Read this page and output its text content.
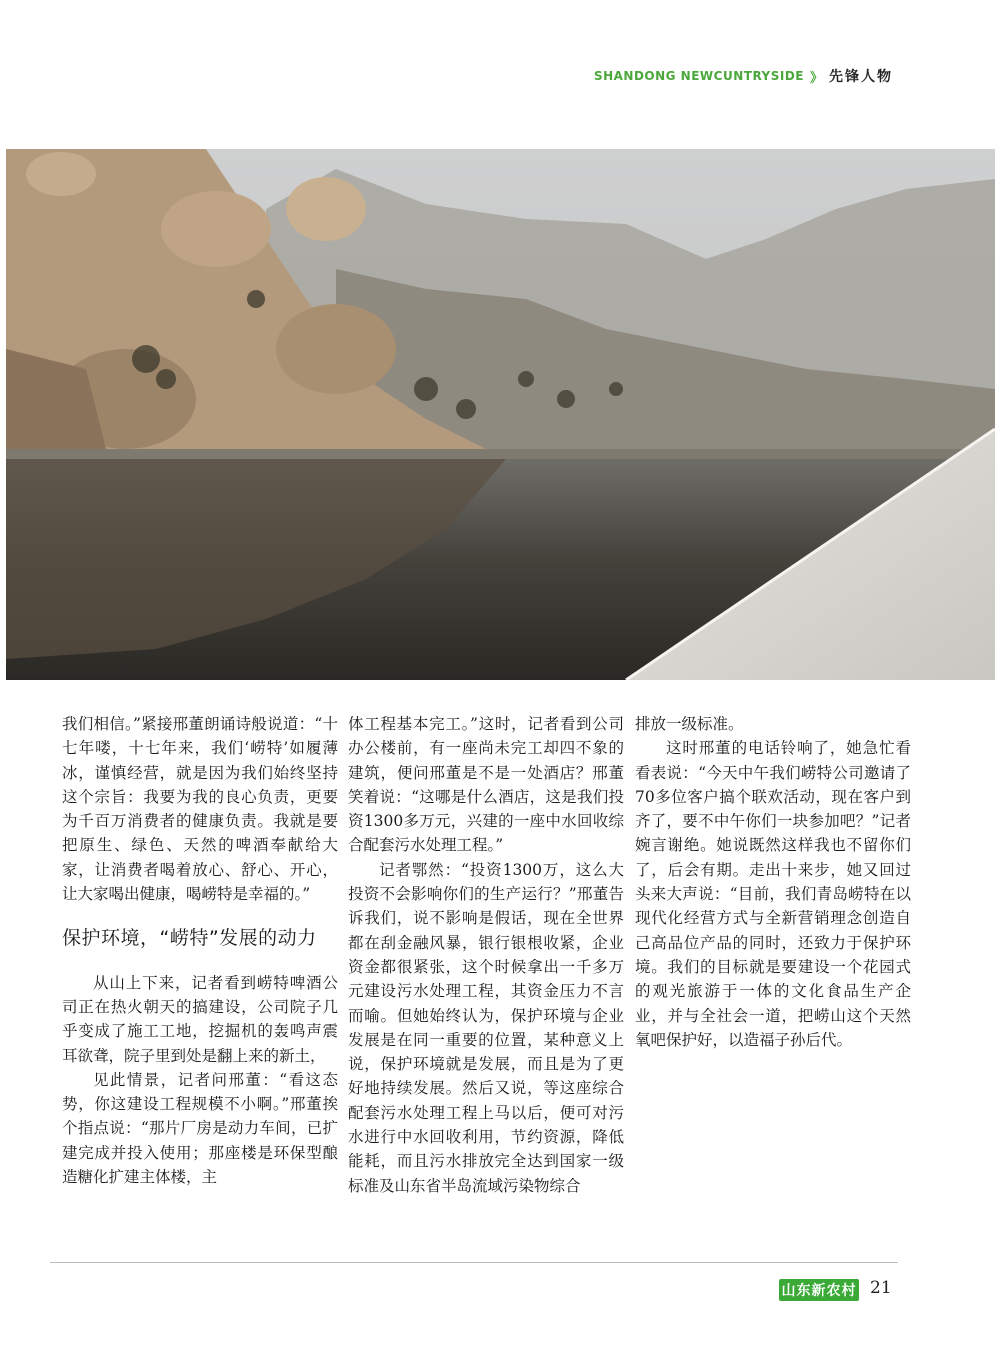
SHANDONG NEWCUNTRYSIDE 》 先锋人物

我们相信。”紧接邢董朗诵诗般说道：“十七年喽，十七年来，我们‘崂特’如履薄冰，谨慎经营，就是因为我们始终坚持这个宗旨：我要为我的良心负责，更要为千百万消费者的健康负责。我就是要把原生、绿色、天然的啤酒奉献给大家，让消费者喝着放心、舒心、开心，让大家喝出健康，喝崂特是幸福的。”

保护环境，“崂特”发展的动力

从山上下来，记者看到崂特啤酒公司正在热火朝天的搞建设，公司院子几乎变成了施工工地，挖掘机的轰鸣声震耳欲聋，院子里到处是翻上来的新土，

见此情景，记者问邢董：“看这态势，你这建设工程规模不小啊。”邢董挨个指点说：“那片厂房是动力车间，已扩建完成并投入使用；那座楼是环保型酿造糖化扩建主体楼，主

体工程基本完工。”这时，记者看到公司办公楼前，有一座尚未完工却四不象的建筑，便问邢董是不是一处酒店？邢董笑着说：“这哪是什么酒店，这是我们投资1300多万元，兴建的一座中水回收综合配套污水处理工程。”

记者鄂然：“投资1300万，这么大投资不会影响你们的生产运行？”邢董告诉我们，说不影响是假话，现在全世界都在刮金融风暴，银行银根收紧，企业资金都很紧张，这个时候拿出一千多万元建设污水处理工程，其资金压力不言而喻。但她始终认为，保护环境与企业发展是在同一重要的位置，某种意义上说，保护环境就是发展，而且是为了更好地持续发展。然后又说，等这座综合配套污水处理工程上马以后，便可对污水进行中水回收利用，节约资源，降低能耗，而且污水排放完全达到国家一级标准及山东省半岛流域污染物综合

排放一级标准。

这时邢董的电话铃响了，她急忙看看表说：“今天中午我们崂特公司邀请了70多位客户搞个联欢活动，现在客户到齐了，要不中午你们一块参加吧？”记者婉言谢绝。她说既然这样我也不留你们了，后会有期。走出十来步，她又回过头来大声说：“目前，我们青岛崂特在以现代化经营方式与全新营销理念创造自己高品位产品的同时，还致力于保护环境。我们的目标就是要建设一个花园式的观光旅游于一体的文化食品生产企业，并与全社会一道，把崂山这个天然氧吧保护好，以造福子孙后代。

山东新农村 21
